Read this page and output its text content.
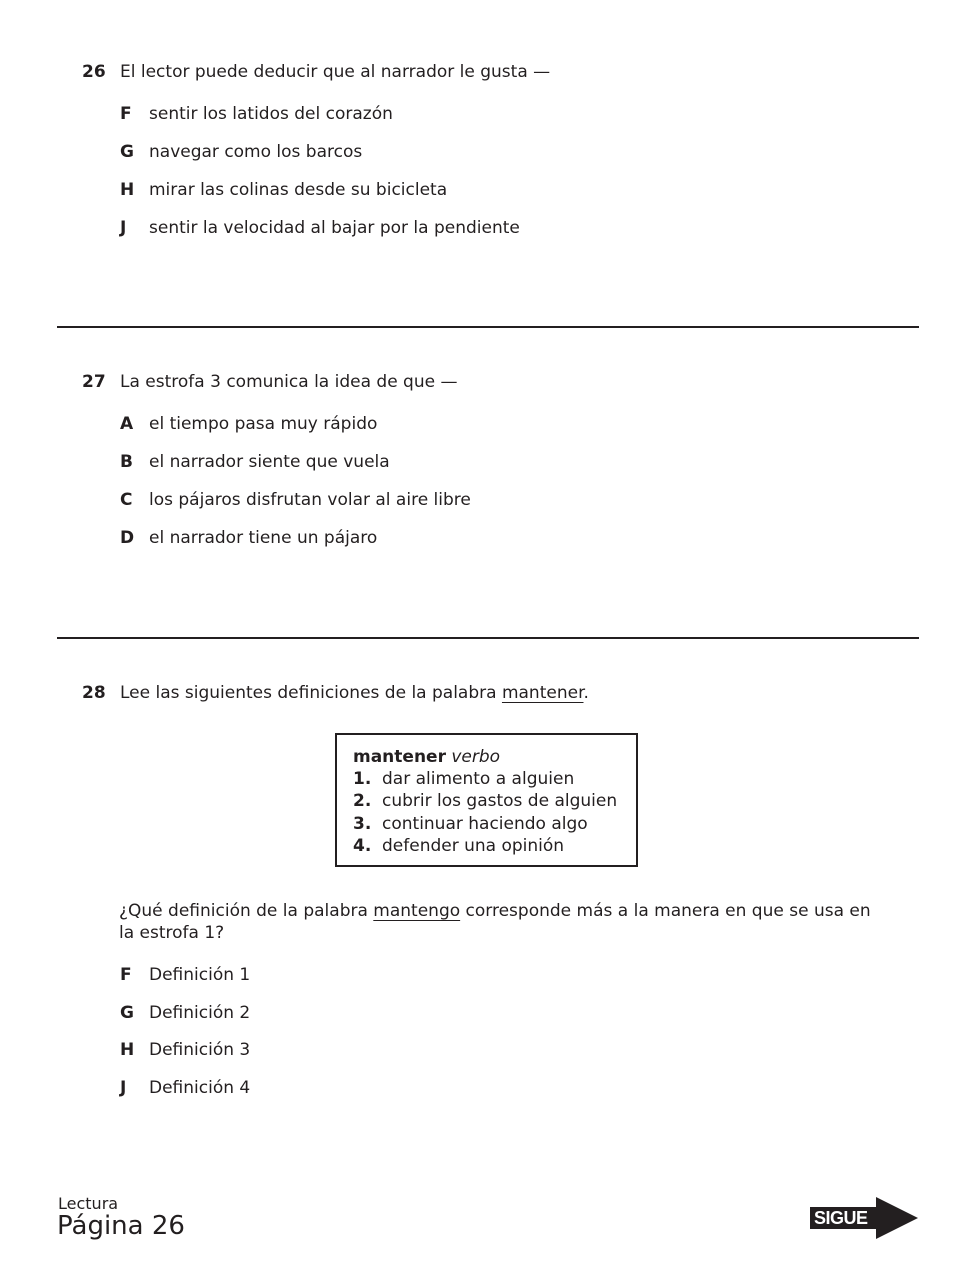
26 El lector puede deducir que al narrador le gusta —
F sentir los latidos del corazón
G navegar como los barcos
H mirar las colinas desde su bicicleta
J sentir la velocidad al bajar por la pendiente
27 La estrofa 3 comunica la idea de que —
A el tiempo pasa muy rápido
B el narrador siente que vuela
C los pájaros disfrutan volar al aire libre
D el narrador tiene un pájaro
28 Lee las siguientes definiciones de la palabra mantener.
mantener verbo
1. dar alimento a alguien
2. cubrir los gastos de alguien
3. continuar haciendo algo
4. defender una opinión
¿Qué definición de la palabra mantengo corresponde más a la manera en que se usa en la estrofa 1?
F Definición 1
G Definición 2
H Definición 3
J Definición 4
Lectura
Página 26	SIGUE
